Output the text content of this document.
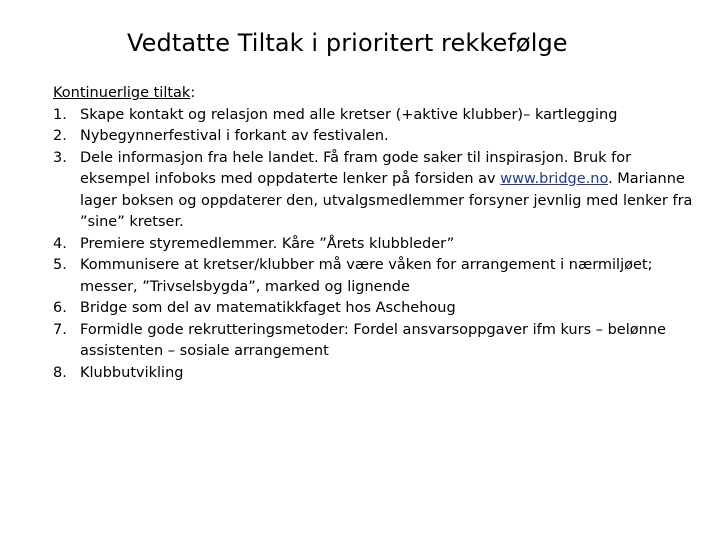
Vedtatte Tiltak i prioritert rekkefølge

Kontinuerlige tiltak:

1. Skape kontakt og relasjon med alle kretser (+aktive klubber)– kartlegging
2. Nybegynnerfestival i forkant av festivalen.
3. Dele informasjon fra hele landet. Få fram gode saker til inspirasjon. Bruk for eksempel infoboks med oppdaterte lenker på forsiden av www.bridge.no. Marianne lager boksen og oppdaterer den, utvalgsmedlemmer forsyner jevnlig med lenker fra ”sine” kretser.
4. Premiere styremedlemmer. Kåre ”Årets klubbleder”
5. Kommunisere at kretser/klubber må være våken for arrangement i nærmiljøet; messer, ”Trivselsbygda”, marked og lignende
6. Bridge som del av matematikkfaget hos Aschehoug
7. Formidle gode rekrutteringsmetoder: Fordel ansvarsoppgaver ifm kurs – belønne assistenten – sosiale arrangement
8. Klubbutvikling
